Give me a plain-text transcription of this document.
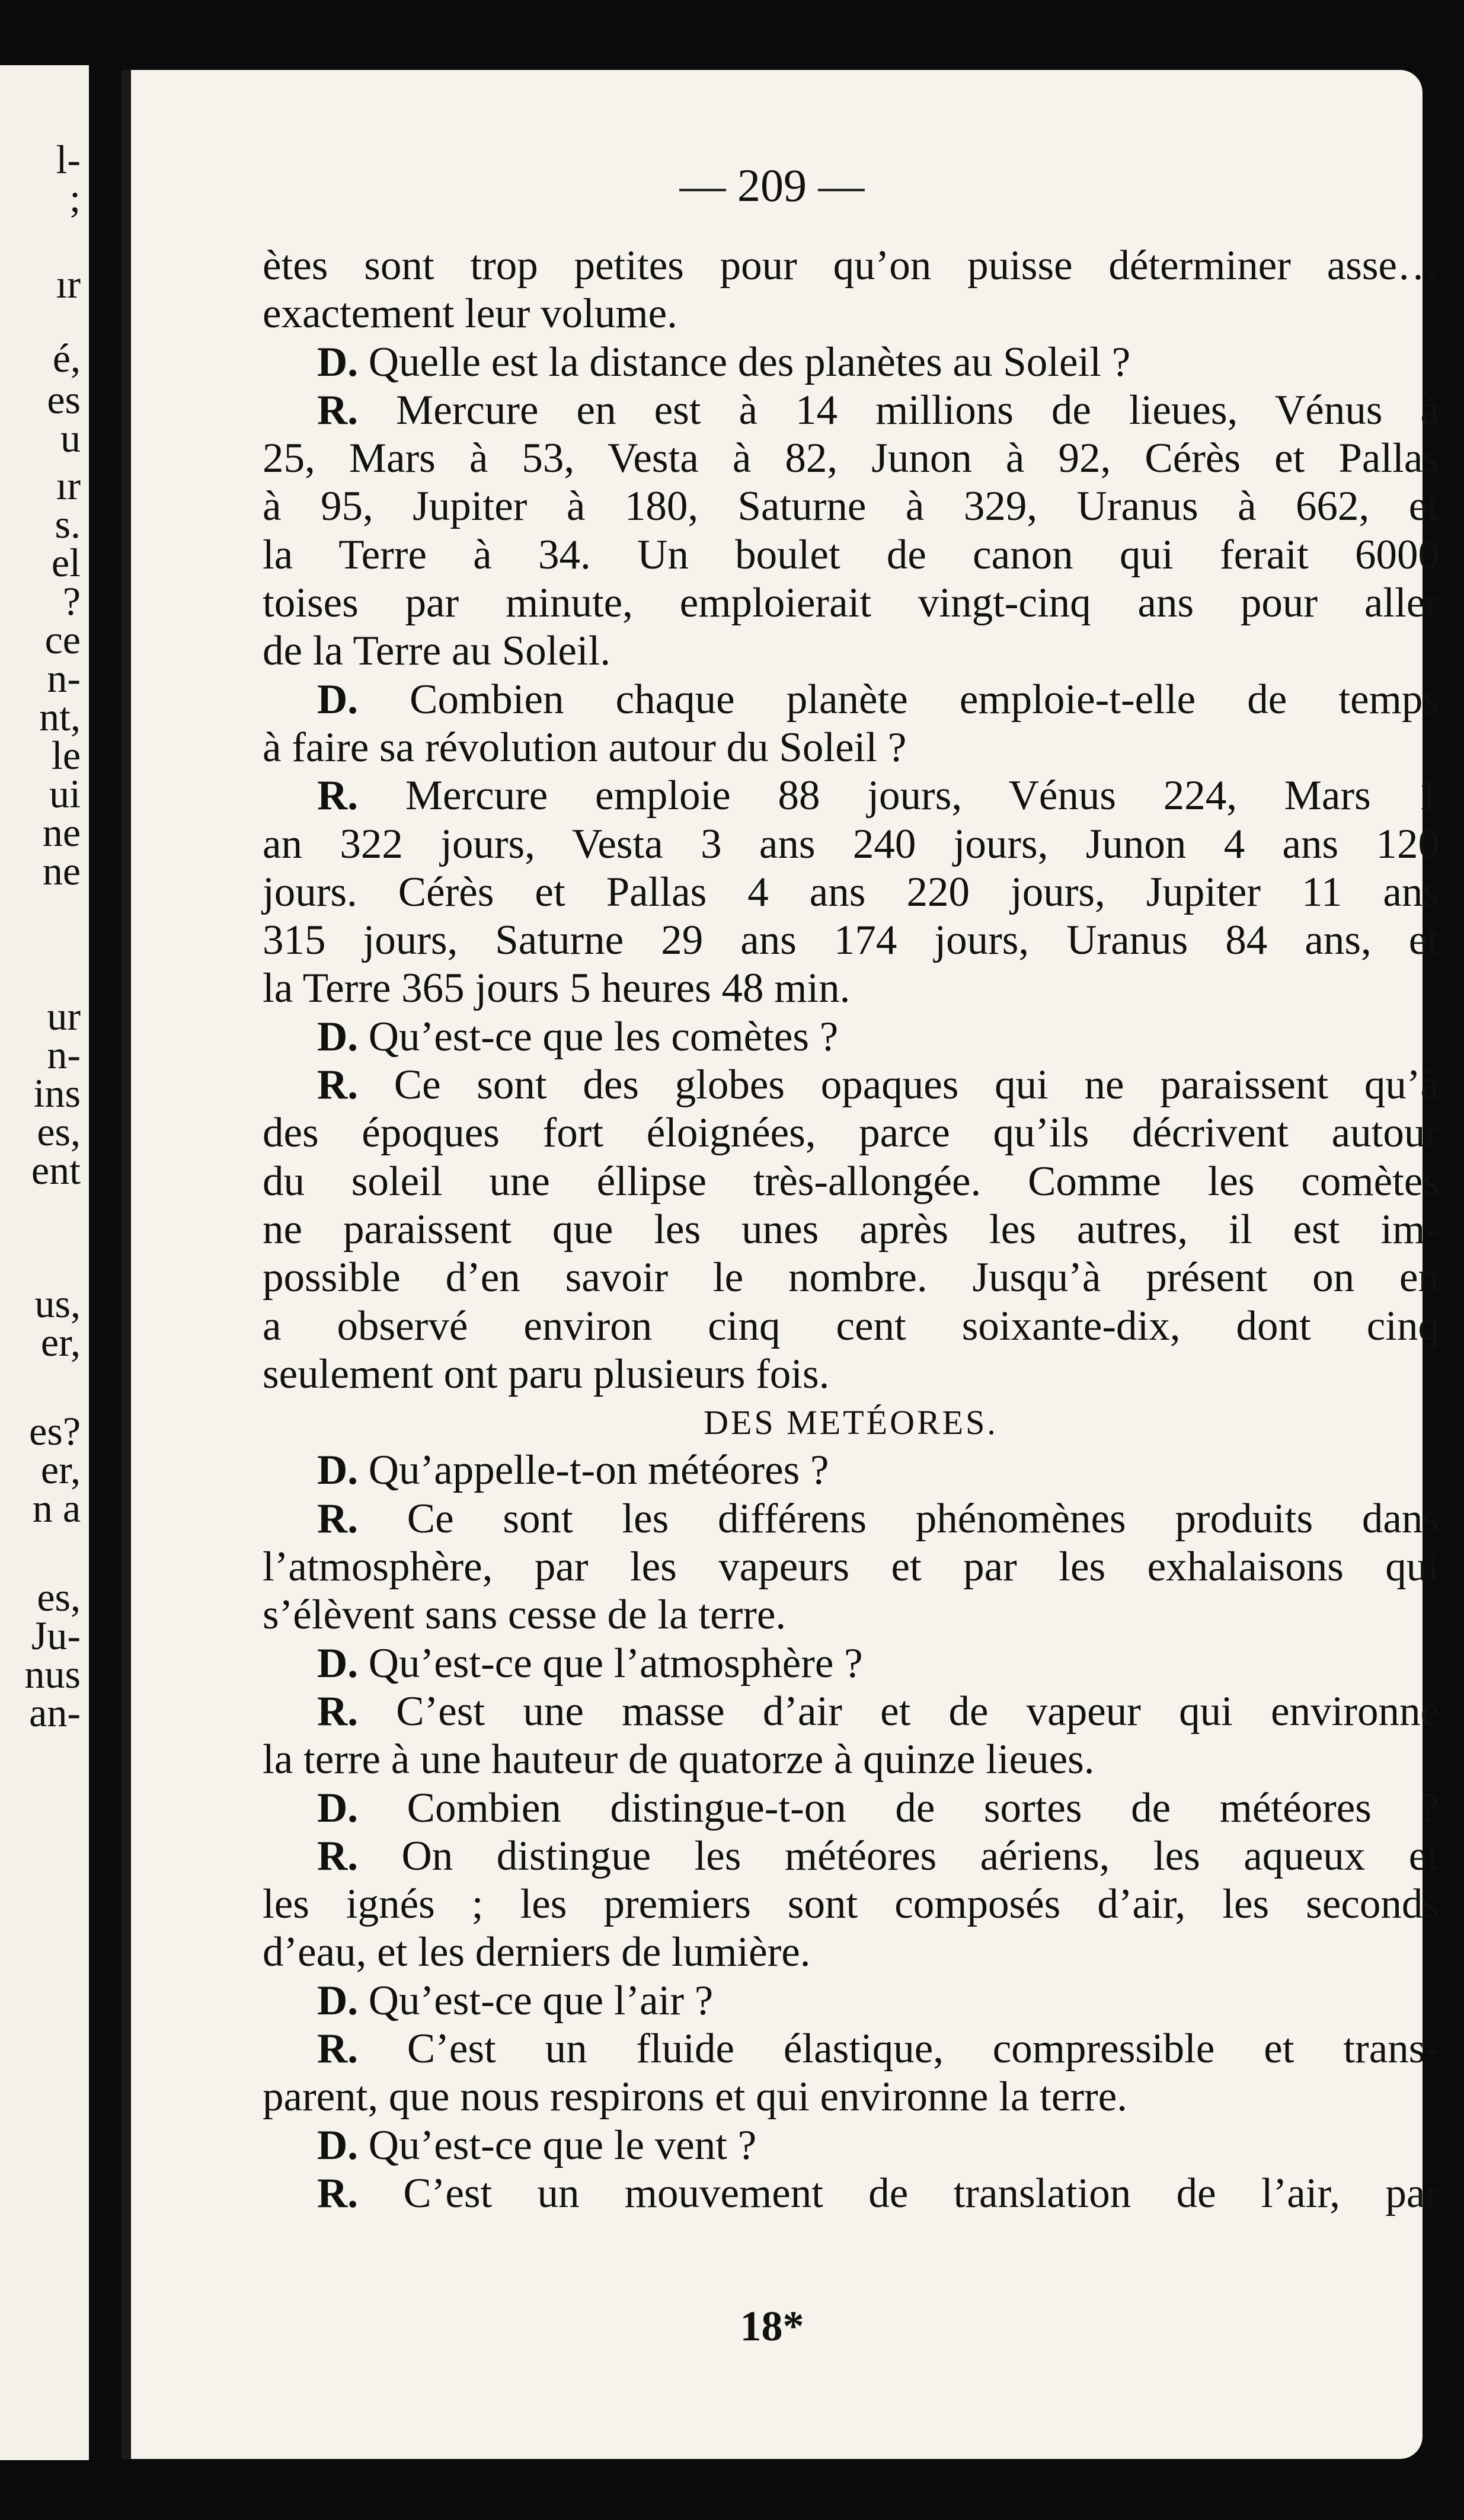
l-
;
ır
é,
es
u
ır
s.
el
?
ce
n-
nt,
le
ui
ne
ne
ur
n-
ins
es,
ent
us,
er,
es?
er,
n a
es,
Ju-
nus
an-
— 209 —
ètes sont trop petites pour qu’on puisse déterminer asse…
exactement leur volume.
D. Quelle est la distance des planètes au Soleil ?
R. Mercure en est à 14 millions de lieues, Vénus à
25, Mars à 53, Vesta à 82, Junon à 92, Cérès et Pallas
à 95, Jupiter à 180, Saturne à 329, Uranus à 662, et
la Terre à 34. Un boulet de canon qui ferait 6000
toises par minute, emploierait vingt-cinq ans pour aller
de la Terre au Soleil.
D. Combien chaque planète emploie-t-elle de temps
à faire sa révolution autour du Soleil ?
R. Mercure emploie 88 jours, Vénus 224, Mars 1
an 322 jours, Vesta 3 ans 240 jours, Junon 4 ans 120
jours. Cérès et Pallas 4 ans 220 jours, Jupiter 11 ans
315 jours, Saturne 29 ans 174 jours, Uranus 84 ans, et
la Terre 365 jours 5 heures 48 min.
D. Qu’est-ce que les comètes ?
R. Ce sont des globes opaques qui ne paraissent qu’à
des époques fort éloignées, parce qu’ils décrivent autour
du soleil une éllipse très-allongée. Comme les comètes
ne paraissent que les unes après les autres, il est im-
possible d’en savoir le nombre. Jusqu’à présent on en
a observé environ cinq cent soixante-dix, dont cinq
seulement ont paru plusieurs fois.
DES METÉORES.
D. Qu’appelle-t-on météores ?
R. Ce sont les différens phénomènes produits dans
l’atmosphère, par les vapeurs et par les exhalaisons qui
s’élèvent sans cesse de la terre.
D. Qu’est-ce que l’atmosphère ?
R. C’est une masse d’air et de vapeur qui environne
la terre à une hauteur de quatorze à quinze lieues.
D. Combien distingue-t-on de sortes de météores ?
R. On distingue les météores aériens, les aqueux et
les ignés ; les premiers sont composés d’air, les seconds
d’eau, et les derniers de lumière.
D. Qu’est-ce que l’air ?
R. C’est un fluide élastique, compressible et trans-
parent, que nous respirons et qui environne la terre.
D. Qu’est-ce que le vent ?
R. C’est un mouvement de translation de l’air, par
18*
